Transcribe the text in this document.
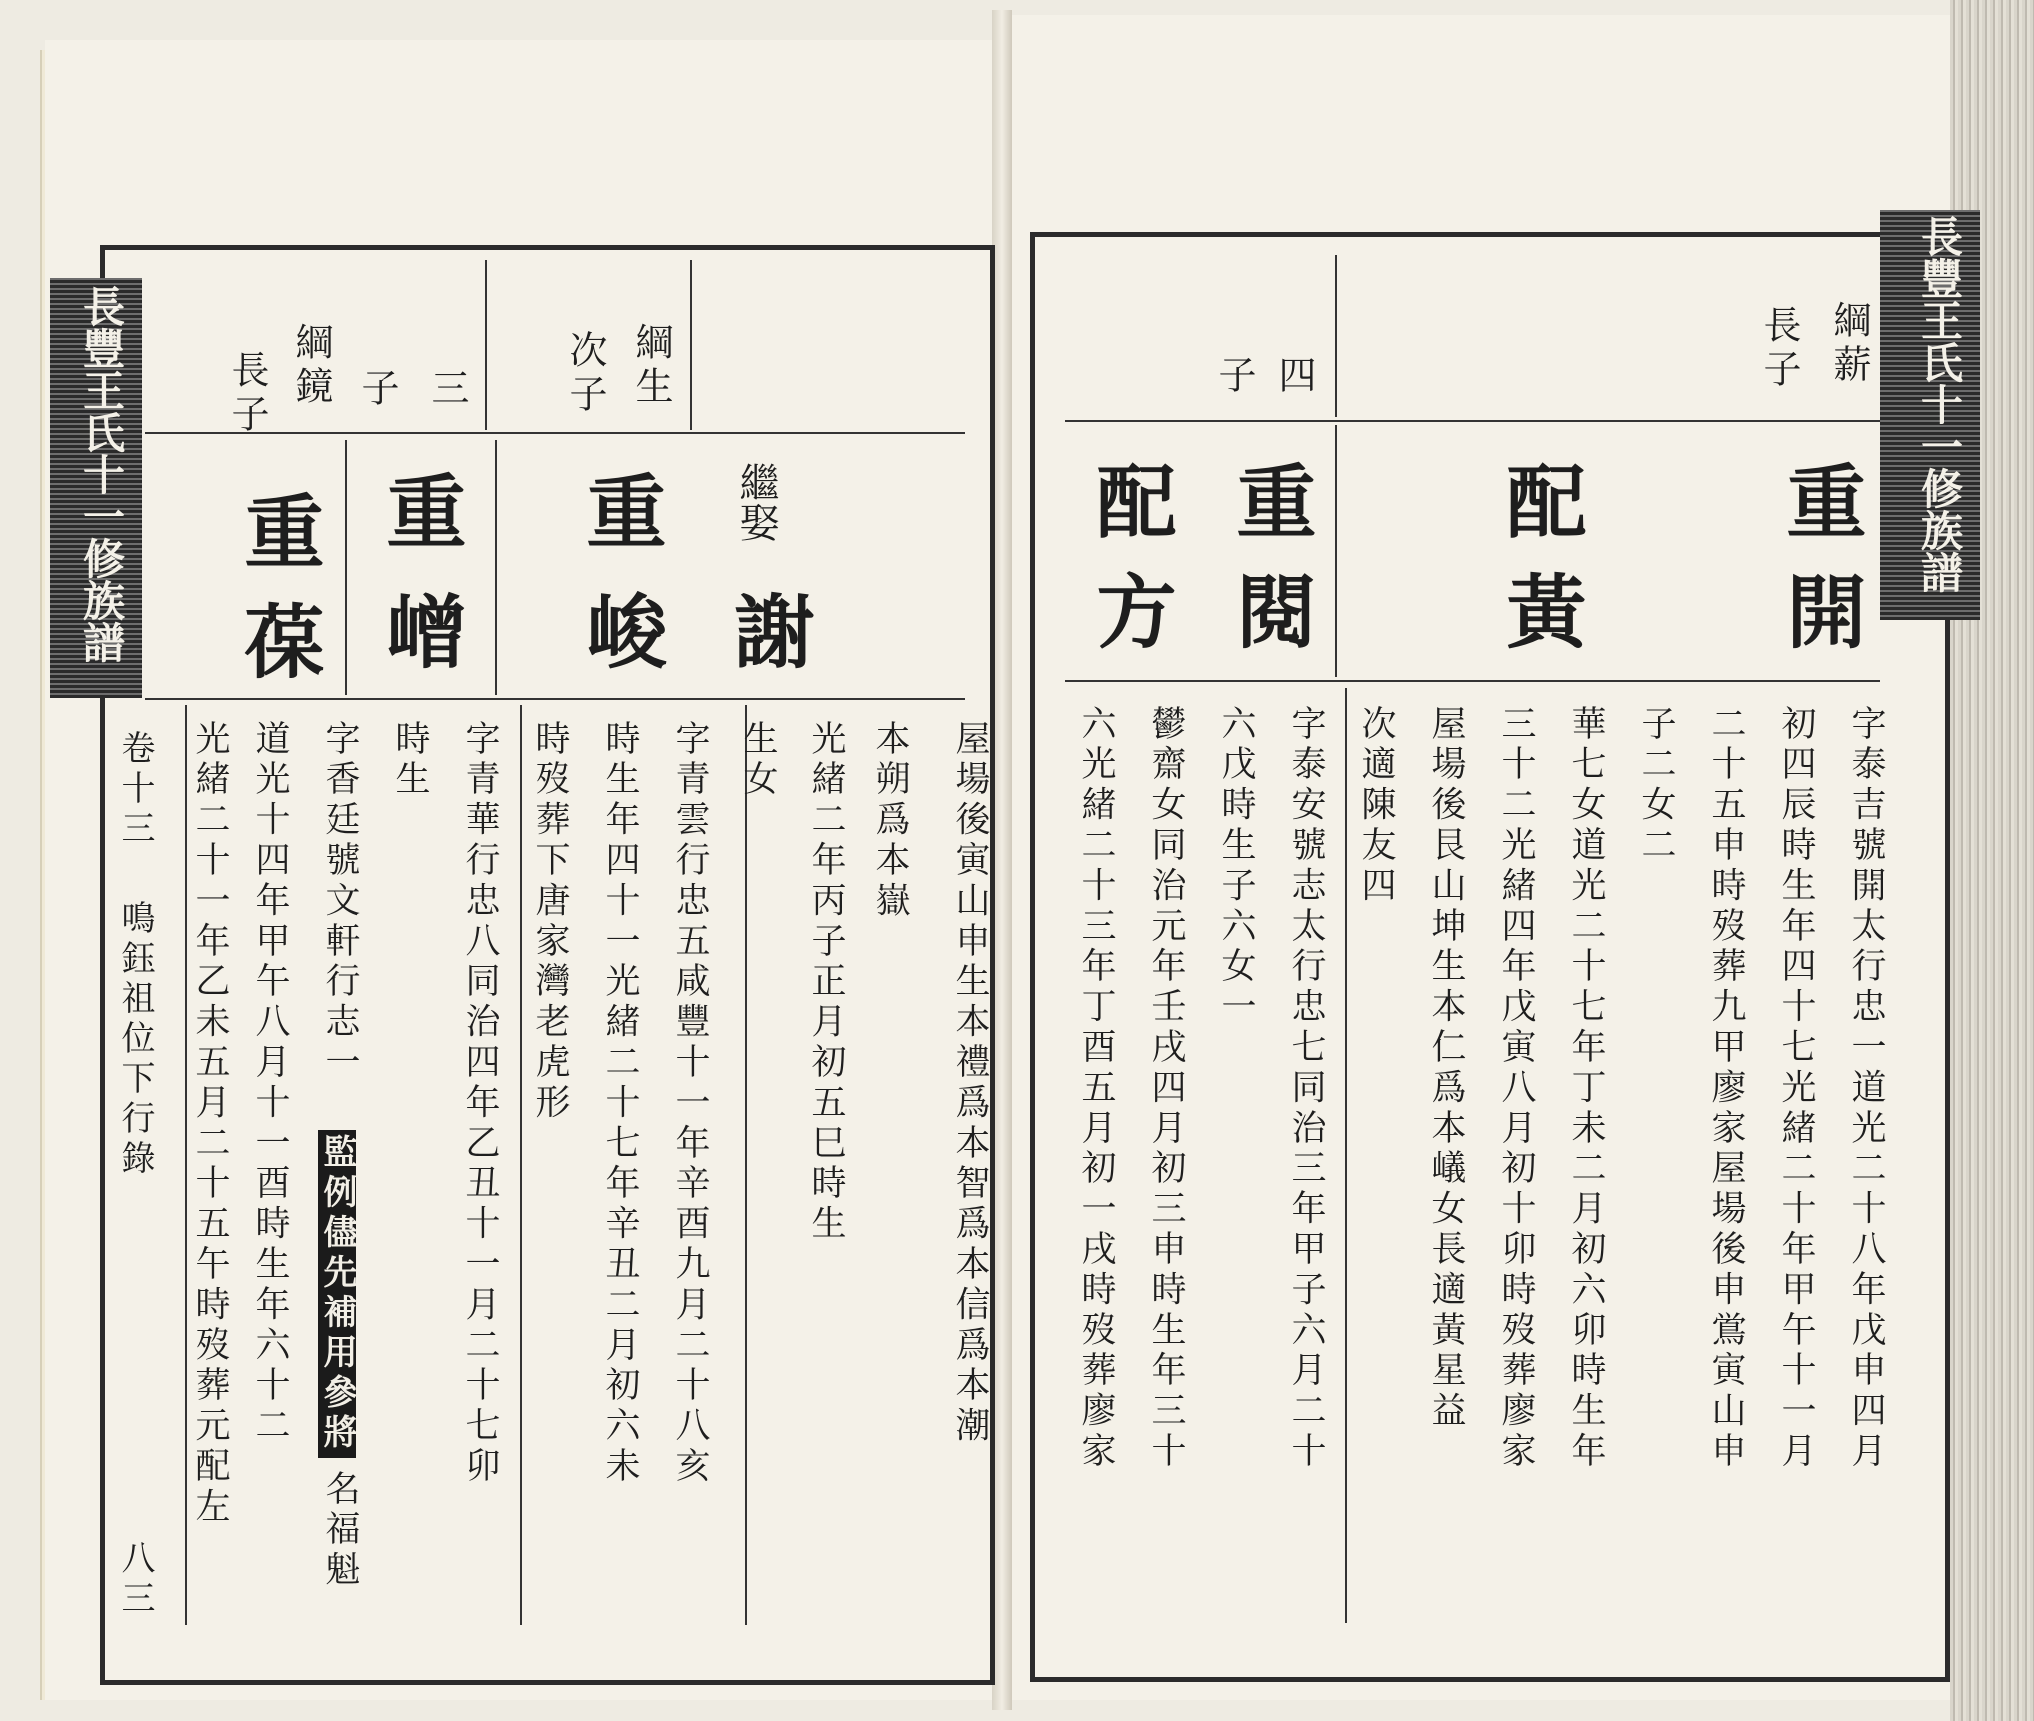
長豐王氏十一修族譜	綱鏡
長子	三
子	綱生
次子
繼娶
謝
重
峻
重
嶒
重
葆
屋場後寅山申生本禮爲本智爲本信爲本潮
光緒二年丙子正月初五巳時生 本朔爲本嶽
生女
字青雲行忠五咸豐十一年辛酉九月二十八亥
時生年四十一光緒二十七年辛丑二月初六未
時歿葬下唐家灣老虎形
字青華行忠八同治四年乙丑十一月二十七卯
時生
字香廷號文軒行志一
監例儘先補用參將
名福魁
道光十四年甲午八月十一酉時生年六十二
光緒二十一年乙未五月二十五午時歿葬元配左
卷十三
鳴鈺祖位下行錄
八三
長豐王氏十一修族譜
綱薪
長子
四
子
重
開
配
黃
重
閱
配
方
字泰吉號開太行忠一道光二十八年戊申四月
初四辰時生年四十七光緒二十年甲午十一月
二十五申時歿葬九甲廖家屋場後申鴬寅山申
子二女二
華七女道光二十七年丁未二月初六卯時生年
三十二光緒四年戊寅八月初十卯時歿葬廖家
屋場後艮山坤生本仁爲本嶬女長適黃星益
次適陳友四
字泰安號志太行忠七同治三年甲子六月二十
六戊時生子六女一
鬰齋女同治元年壬戌四月初三申時生年三十
六光緒二十三年丁酉五月初一戌時歿葬廖家
